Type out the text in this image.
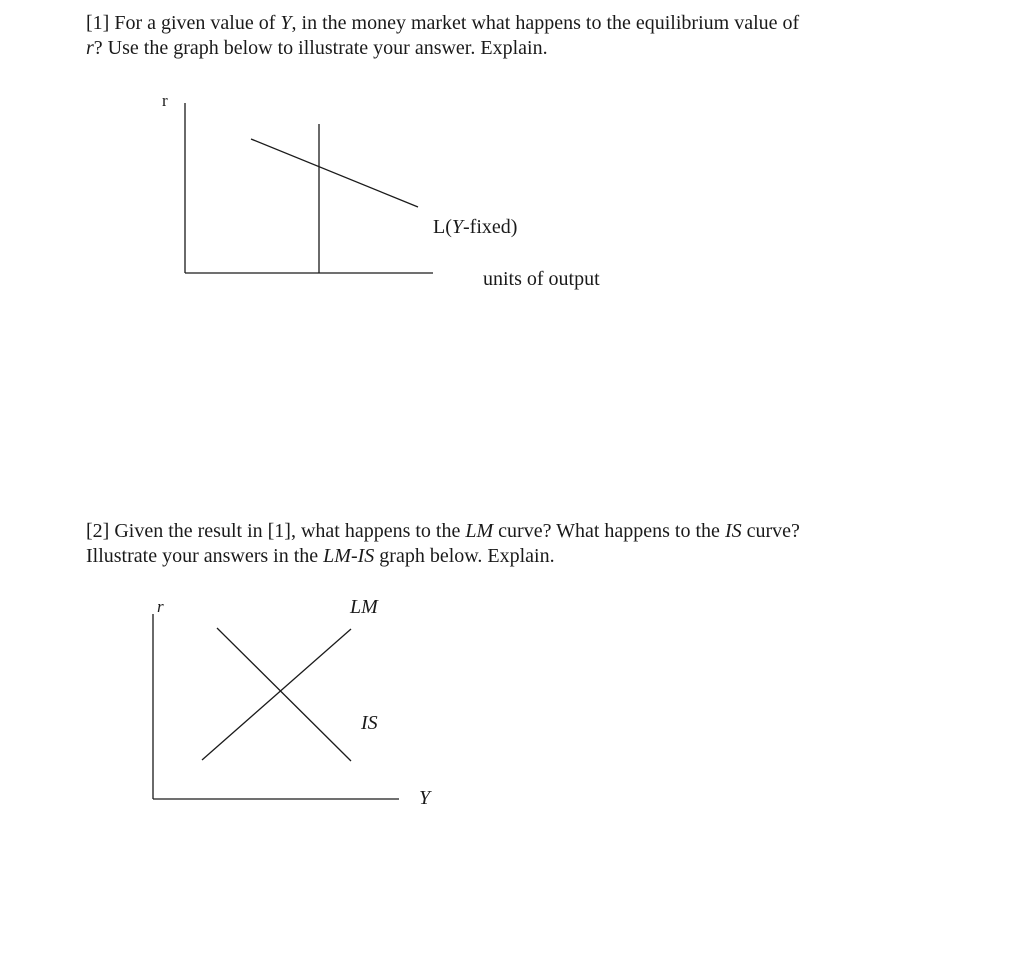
[1] For a given value of Y, in the money market what happens to the equilibrium value of
r? Use the graph below to illustrate your answer. Explain.

r
L(Y-fixed)
units of output
r	LM
IS
Y

[2] Given the result in [1], what happens to the LM curve? What happens to the IS curve?
Illustrate your answers in the LM-IS graph below. Explain.
